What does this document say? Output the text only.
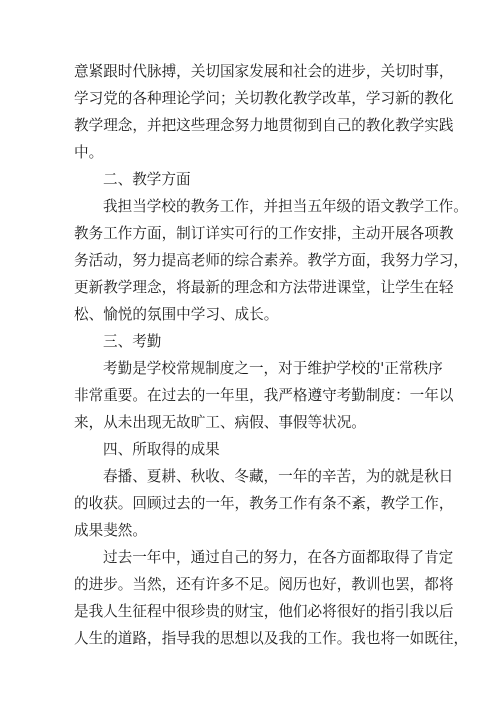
意紧跟时代脉搏，关切国家发展和社会的进步，关切时事，
学习党的各种理论学问；关切教化教学改革，学习新的教化
教学理念，并把这些理念努力地贯彻到自己的教化教学实践
中。
二、教学方面
我担当学校的教务工作，并担当五年级的语文教学工作。
教务工作方面，制订详实可行的工作安排，主动开展各项教
务活动，努力提高老师的综合素养。教学方面，我努力学习，
更新教学理念，将最新的理念和方法带进课堂，让学生在轻
松、愉悦的氛围中学习、成长。
三、考勤
考勤是学校常规制度之一，对于维护学校的'正常秩序
非常重要。在过去的一年里，我严格遵守考勤制度：一年以
来，从未出现无故旷工、病假、事假等状况。
四、所取得的成果
春播、夏耕、秋收、冬藏，一年的辛苦，为的就是秋日
的收获。回顾过去的一年，教务工作有条不紊，教学工作，
成果斐然。
过去一年中，通过自己的努力，在各方面都取得了肯定
的进步。当然，还有许多不足。阅历也好，教训也罢，都将
是我人生征程中很珍贵的财宝，他们必将很好的指引我以后
人生的道路，指导我的思想以及我的工作。我也将一如既往，
